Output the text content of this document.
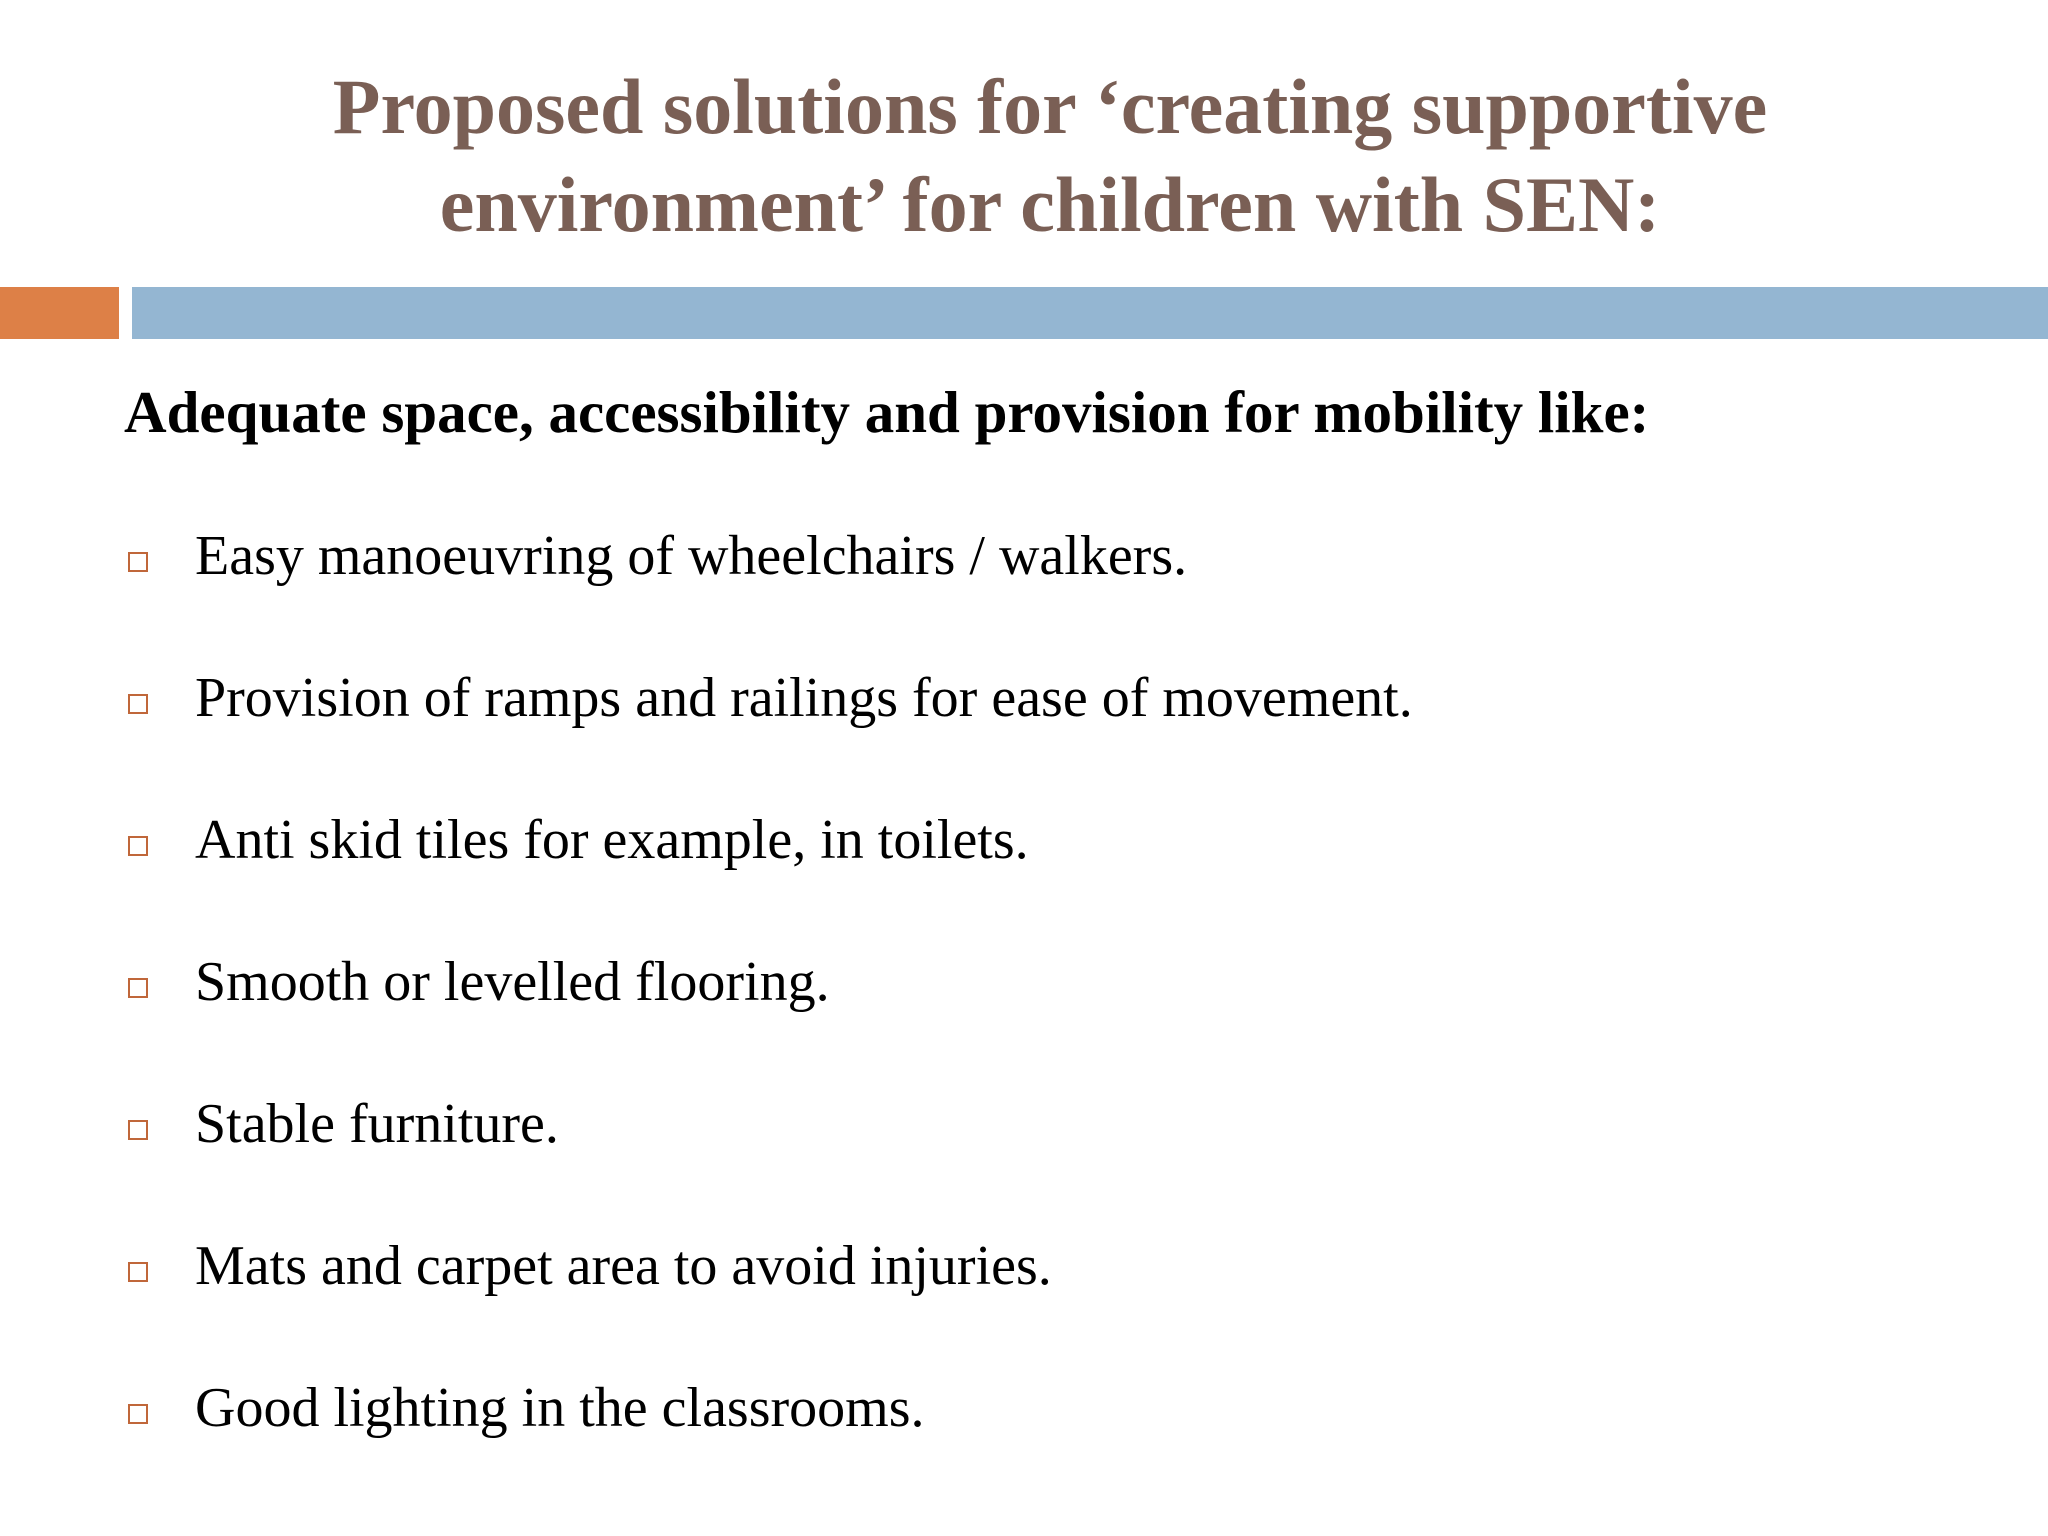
Proposed solutions for ‘creating supportive
environment’ for children with SEN:
Adequate space, accessibility and provision for mobility like:
Easy manoeuvring of wheelchairs / walkers.
Provision of ramps and railings for ease of movement.
Anti skid tiles for example, in toilets.
Smooth or levelled flooring.
Stable furniture.
Mats and carpet area to avoid injuries.
Good lighting in the classrooms.
